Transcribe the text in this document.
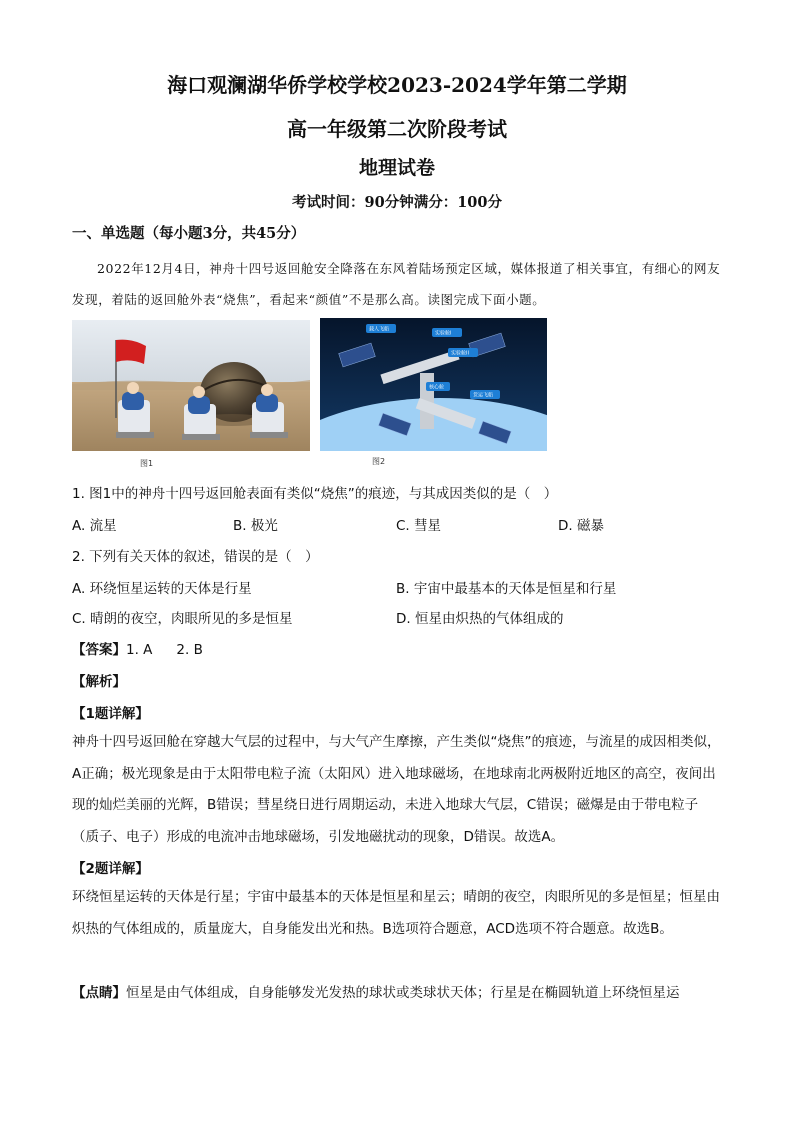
海口观澜湖华侨学校学校2023-2024学年第二学期
高一年级第二次阶段考试
地理试卷
考试时间：90分钟满分：100分
一、单选题（每小题3分，共45分）
2022年12月4日，神舟十四号返回舱安全降落在东风着陆场预定区域，媒体报道了相关事宜，有细心的网友发现，着陆的返回舱外表“烧焦”，看起来“颜值”不是那么高。读图完成下面小题。
载人飞船
实验舱I
实验舱II
核心舱
货运飞船
图1	图2
1. 图1中的神舟十四号返回舱表面有类似“烧焦”的痕迹，与其成因类似的是（　）
A. 流星	B. 极光	C. 彗星	D. 磁暴
2. 下列有关天体的叙述，错误的是（　）
A. 环绕恒星运转的天体是行星	B. 宇宙中最基本的天体是恒星和行星
C. 晴朗的夜空，肉眼所见的多是恒星	D. 恒星由炽热的气体组成的
【答案】1. A 2. B
【解析】
【1题详解】
神舟十四号返回舱在穿越大气层的过程中，与大气产生摩擦，产生类似“烧焦”的痕迹，与流星的成因相类似，A正确；极光现象是由于太阳带电粒子流（太阳风）进入地球磁场，在地球南北两极附近地区的高空，夜间出现的灿烂美丽的光辉，B错误；彗星绕日进行周期运动，未进入地球大气层，C错误；磁爆是由于带电粒子（质子、电子）形成的电流冲击地球磁场，引发地磁扰动的现象，D错误。故选A。
【2题详解】
环绕恒星运转的天体是行星；宇宙中最基本的天体是恒星和星云；晴朗的夜空，肉眼所见的多是恒星；恒星由炽热的气体组成的，质量庞大，自身能发出光和热。B选项符合题意，ACD选项不符合题意。故选B。
【点睛】恒星是由气体组成，自身能够发光发热的球状或类球状天体；行星是在椭圆轨道上环绕恒星运
